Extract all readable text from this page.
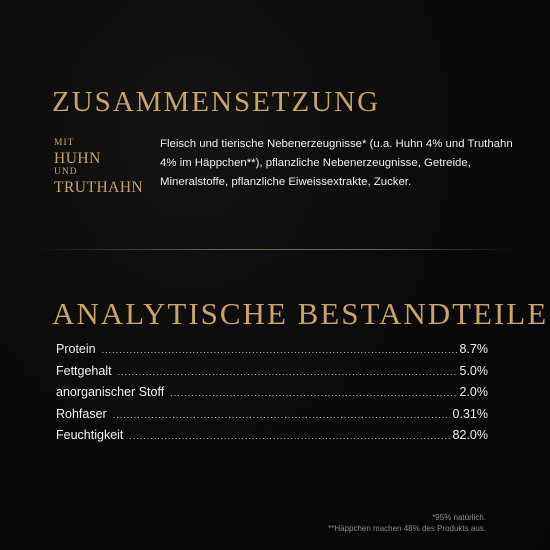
ZUSAMMENSETZUNG
MIT
HUHN
UND
TRUTHAHN

Fleisch und tierische Nebenerzeugnisse* (u.a. Huhn 4% und Truthahn 4% im Häppchen**), pflanzliche Nebenerzeugnisse, Getreide, Mineralstoffe, pflanzliche Eiweissextrakte, Zucker.

ANALYTISCHE BESTANDTEILE
Protein .....	8.7%
Fettgehalt .....	5.0%
anorganischer Stoff .....	2.0%
Rohfaser .....	0.31%
Feuchtigkeit .....	82.0%
*95% natürlich.
**Häppchen machen 48% des Produkts aus.
